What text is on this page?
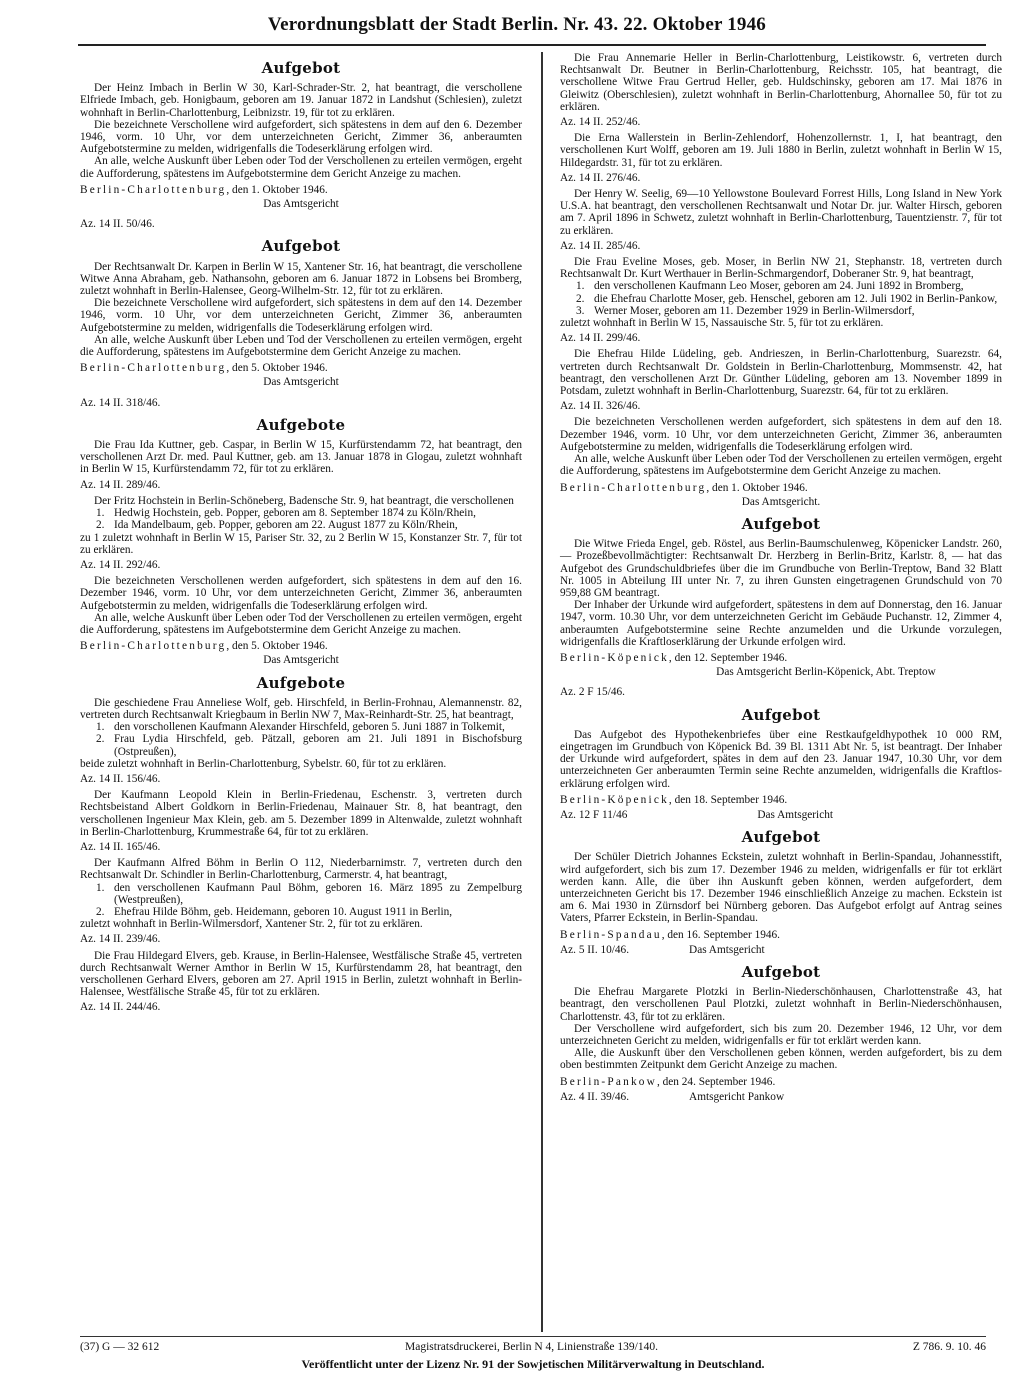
Verordnungsblatt der Stadt Berlin. Nr. 43. 22. Oktober 1946
Aufgebot

Der Heinz Imbach in Berlin W 30, Karl-Schrader-Str. 2, hat beantragt, die verschollene Elfriede Imbach, geb. Honigbaum, geboren am 19. Januar 1872 in Landshut (Schlesien), zuletzt wohnhaft in Berlin-Charlottenburg, Leibnizstr. 19, für tot zu erklären.

Die bezeichnete Verschollene wird aufgefordert, sich spätestens in dem auf den 6. Dezember 1946, vorm. 10 Uhr, vor dem unterzeichneten Gericht, Zimmer 36, anberaumten Aufgebotstermine zu melden, widrigenfalls die Todeserklärung erfolgen wird.

An alle, welche Auskunft über Leben oder Tod der Verschollenen zu erteilen vermögen, ergeht die Aufforderung, spätestens im Aufgebotstermine dem Gericht Anzeige zu machen.

Berlin-Charlottenburg, den 1. Oktober 1946.

Das Amtsgericht
Az. 14 II. 50/46.
Aufgebot

Der Rechtsanwalt Dr. Karpen in Berlin W 15, Xantener Str. 16, hat beantragt, die verschollene Witwe Anna Abraham, geb. Nathansohn, geboren am 6. Januar 1872 in Lobsens bei Bromberg, zuletzt wohnhaft in Berlin-Halensee, Georg-Wilhelm-Str. 12, für tot zu erklären.

Die bezeichnete Verschollene wird aufgefordert, sich spätestens in dem auf den 14. Dezember 1946, vorm. 10 Uhr, vor dem unterzeichneten Gericht, Zimmer 36, anberaumten Aufgebotstermine zu melden, widrigenfalls die Todeserklärung erfolgen wird.

An alle, welche Auskunft über Leben und Tod der Verschollenen zu erteilen vermögen, ergeht die Aufforderung, spätestens im Aufgebotstermine dem Gericht Anzeige zu machen.

Berlin-Charlottenburg, den 5. Oktober 1946.

Das Amtsgericht
Az. 14 II. 318/46.
Aufgebote

Die Frau Ida Kuttner, geb. Caspar, in Berlin W 15, Kurfürstendamm 72, hat beantragt, den verschollenen Arzt Dr. med. Paul Kuttner, geb. am 13. Januar 1878 in Glogau, zuletzt wohnhaft in Berlin W 15, Kurfürstendamm 72, für tot zu erklären.

Az. 14 II. 289/46.

Der Fritz Hochstein in Berlin-Schöneberg, Badensche Str. 9, hat beantragt, die verschollenen

1. Hedwig Hochstein, geb. Popper, geboren am 8. September 1874 zu Köln/Rhein,
2. Ida Mandelbaum, geb. Popper, geboren am 22. August 1877 zu Köln/Rhein,

zu 1 zuletzt wohnhaft in Berlin W 15, Pariser Str. 32, zu 2 Berlin W 15, Konstanzer Str. 7, für tot zu erklären.

Az. 14 II. 292/46.

Die bezeichneten Verschollenen werden aufgefordert, sich spätestens in dem auf den 16. Dezember 1946, vorm. 10 Uhr, vor dem unterzeichneten Gericht, Zimmer 36, anberaumten Aufgebotstermin zu melden, widrigenfalls die Todeserklärung erfolgen wird.

An alle, welche Auskunft über Leben oder Tod der Verschollenen zu erteilen vermögen, ergeht die Aufforderung, spätestens im Aufgebotstermine dem Gericht Anzeige zu machen.

Berlin-Charlottenburg, den 5. Oktober 1946.

Das Amtsgericht
Aufgebote

Die geschiedene Frau Anneliese Wolf, geb. Hirschfeld, in Berlin-Frohnau, Alemannenstr. 82, vertreten durch Rechtsanwalt Kriegbaum in Berlin NW 7, Max-Reinhardt-Str. 25, hat beantragt,

1. den vorschollenen Kaufmann Alexander Hirschfeld, geboren 5. Juni 1887 in Tolkemit,
2. Frau Lydia Hirschfeld, geb. Pätzall, geboren am 21. Juli 1891 in Bischofsburg (Ostpreußen),

beide zuletzt wohnhaft in Berlin-Charlottenburg, Sybelstr. 60, für tot zu erklären.

Az. 14 II. 156/46.

Der Kaufmann Leopold Klein in Berlin-Friedenau, Eschenstr. 3, vertreten durch Rechtsbeistand Albert Goldkorn in Berlin-Friedenau, Mainauer Str. 8, hat beantragt, den verschollenen Ingenieur Max Klein, geb. am 5. Dezember 1899 in Altenwalde, zuletzt wohnhaft in Berlin-Charlottenburg, Krummestraße 64, für tot zu erklären.

Az. 14 II. 165/46.

Der Kaufmann Alfred Böhm in Berlin O 112, Niederbarnimstr. 7, vertreten durch den Rechtsanwalt Dr. Schindler in Berlin-Charlottenburg, Carmerstr. 4, hat beantragt,

1. den verschollenen Kaufmann Paul Böhm, geboren 16. März 1895 zu Zempelburg (Westpreußen),
2. Ehefrau Hilde Böhm, geb. Heidemann, geboren 10. August 1911 in Berlin,

zuletzt wohnhaft in Berlin-Wilmersdorf, Xantener Str. 2, für tot zu erklären.

Az. 14 II. 239/46.

Die Frau Hildegard Elvers, geb. Krause, in Berlin-Halensee, Westfälische Straße 45, vertreten durch Rechtsanwalt Werner Amthor in Berlin W 15, Kurfürstendamm 28, hat beantragt, den verschollenen Gerhard Elvers, geboren am 27. April 1915 in Berlin, zuletzt wohnhaft in Berlin-Halensee, Westfälische Straße 45, für tot zu erklären.

Az. 14 II. 244/46.

Die Frau Annemarie Heller in Berlin-Charlottenburg, Leistikowstr. 6, vertreten durch Rechtsanwalt Dr. Beutner in Berlin-Charlottenburg, Reichsstr. 105, hat beantragt, die verschollene Witwe Frau Gertrud Heller, geb. Huldschinsky, geboren am 17. Mai 1876 in Gleiwitz (Oberschlesien), zuletzt wohnhaft in Berlin-Charlottenburg, Ahornallee 50, für tot zu erklären.

Az. 14 II. 252/46.

Die Erna Wallerstein in Berlin-Zehlendorf, Hohenzollernstr. 1, I, hat beantragt, den verschollenen Kurt Wolff, geboren am 19. Juli 1880 in Berlin, zuletzt wohnhaft in Berlin W 15, Hildegardstr. 31, für tot zu erklären.

Az. 14 II. 276/46.

Der Henry W. Seelig, 69—10 Yellowstone Boulevard Forrest Hills, Long Island in New York U.S.A. hat beantragt, den verschollenen Rechtsanwalt und Notar Dr. jur. Walter Hirsch, geboren am 7. April 1896 in Schwetz, zuletzt wohnhaft in Berlin-Charlottenburg, Tauentzienstr. 7, für tot zu erklären.

Az. 14 II. 285/46.

Die Frau Eveline Moses, geb. Moser, in Berlin NW 21, Stephanstr. 18, vertreten durch Rechtsanwalt Dr. Kurt Werthauer in Berlin-Schmargendorf, Doberaner Str. 9, hat beantragt,

1. den verschollenen Kaufmann Leo Moser, geboren am 24. Juni 1892 in Bromberg,
2. die Ehefrau Charlotte Moser, geb. Henschel, geboren am 12. Juli 1902 in Berlin-Pankow,
3. Werner Moser, geboren am 11. Dezember 1929 in Berlin-Wilmersdorf,

zuletzt wohnhaft in Berlin W 15, Nassauische Str. 5, für tot zu erklären.

Az. 14 II. 299/46.

Die Ehefrau Hilde Lüdeling, geb. Andrieszen, in Berlin-Charlottenburg, Suarezstr. 64, vertreten durch Rechtsanwalt Dr. Goldstein in Berlin-Charlottenburg, Mommsenstr. 42, hat beantragt, den verschollenen Arzt Dr. Günther Lüdeling, geboren am 13. November 1899 in Potsdam, zuletzt wohnhaft in Berlin-Charlottenburg, Suarezstr. 64, für tot zu erklären.

Az. 14 II. 326/46.

Die bezeichneten Verschollenen werden aufgefordert, sich spätestens in dem auf den 18. Dezember 1946, vorm. 10 Uhr, vor dem unterzeichneten Gericht, Zimmer 36, anberaumten Aufgebotstermine zu melden, widrigenfalls die Todeserklärung erfolgen wird.

An alle, welche Auskunft über Leben oder Tod der Verschollenen zu erteilen vermögen, ergeht die Aufforderung, spätestens im Aufgebotstermine dem Gericht Anzeige zu machen.

Berlin-Charlottenburg, den 1. Oktober 1946.

Das Amtsgericht.
Aufgebot

Die Witwe Frieda Engel, geb. Röstel, aus Berlin-Baumschulenweg, Köpenicker Landstr. 260, — Prozeßbevollmächtigter: Rechtsanwalt Dr. Herzberg in Berlin-Britz, Karlstr. 8, — hat das Aufgebot des Grundschuldbriefes über die im Grundbuche von Berlin-Treptow, Band 32 Blatt Nr. 1005 in Abteilung III unter Nr. 7, zu ihren Gunsten eingetragenen Grundschuld von 70 959,88 GM beantragt.

Der Inhaber der Urkunde wird aufgefordert, spätestens in dem auf Donnerstag, den 16. Januar 1947, vorm. 10.30 Uhr, vor dem unterzeichneten Gericht im Gebäude Puchanstr. 12, Zimmer 4, anberaumten Aufgebotstermine seine Rechte anzumelden und die Urkunde vorzulegen, widrigenfalls die Kraftloserklärung der Urkunde erfolgen wird.

Berlin-Köpenick, den 12. September 1946.

Das Amtsgericht Berlin-Köpenick, Abt. Treptow
Az. 2 F 15/46.
Aufgebot

Das Aufgebot des Hypothekenbriefes über eine Restkaufgeldhypothek 10 000 RM, eingetragen im Grundbuch von Köpenick Bd. 39 Bl. 1311 Abt Nr. 5, ist beantragt. Der Inhaber der Urkunde wird aufgefordert, spätes in dem auf den 23. Januar 1947, 10.30 Uhr, vor dem unterzeichneten Ger anberaumten Termin seine Rechte anzumelden, widrigenfalls die Kraftlos-erklärung erfolgen wird.

Berlin-Köpenick, den 18. September 1946.

Az. 12 F 11/46	Das Amtsgericht
Aufgebot

Der Schüler Dietrich Johannes Eckstein, zuletzt wohnhaft in Berlin-Spandau, Johannesstift, wird aufgefordert, sich bis zum 17. Dezember 1946 zu melden, widrigenfalls er für tot erklärt werden kann. Alle, die über ihn Auskunft geben können, werden aufgefordert, dem unterzeichneten Gericht bis 17. Dezember 1946 einschließlich Anzeige zu machen. Eckstein ist am 6. Mai 1930 in Zürnsdorf bei Nürnberg geboren. Das Aufgebot erfolgt auf Antrag seines Vaters, Pfarrer Eckstein, in Berlin-Spandau.

Berlin-Spandau, den 16. September 1946.

Az. 5 II. 10/46.	Das Amtsgericht
Aufgebot

Die Ehefrau Margarete Plotzki in Berlin-Niederschönhausen, Charlottenstraße 43, hat beantragt, den verschollenen Paul Plotzki, zuletzt wohnhaft in Berlin-Niederschönhausen, Charlottenstr. 43, für tot zu erklären.

Der Verschollene wird aufgefordert, sich bis zum 20. Dezember 1946, 12 Uhr, vor dem unterzeichneten Gericht zu melden, widrigenfalls er für tot erklärt werden kann.

Alle, die Auskunft über den Verschollenen geben können, werden aufgefordert, bis zu dem oben bestimmten Zeitpunkt dem Gericht Anzeige zu machen.

Berlin-Pankow, den 24. September 1946.

Az. 4 II. 39/46.	Amtsgericht Pankow
(37) G — 32 612	Magistratsdruckerei, Berlin N 4, Linienstraße 139/140.	Z 786. 9. 10. 46
Veröffentlicht unter der Lizenz Nr. 91 der Sowjetischen Militärverwaltung in Deutschland.
